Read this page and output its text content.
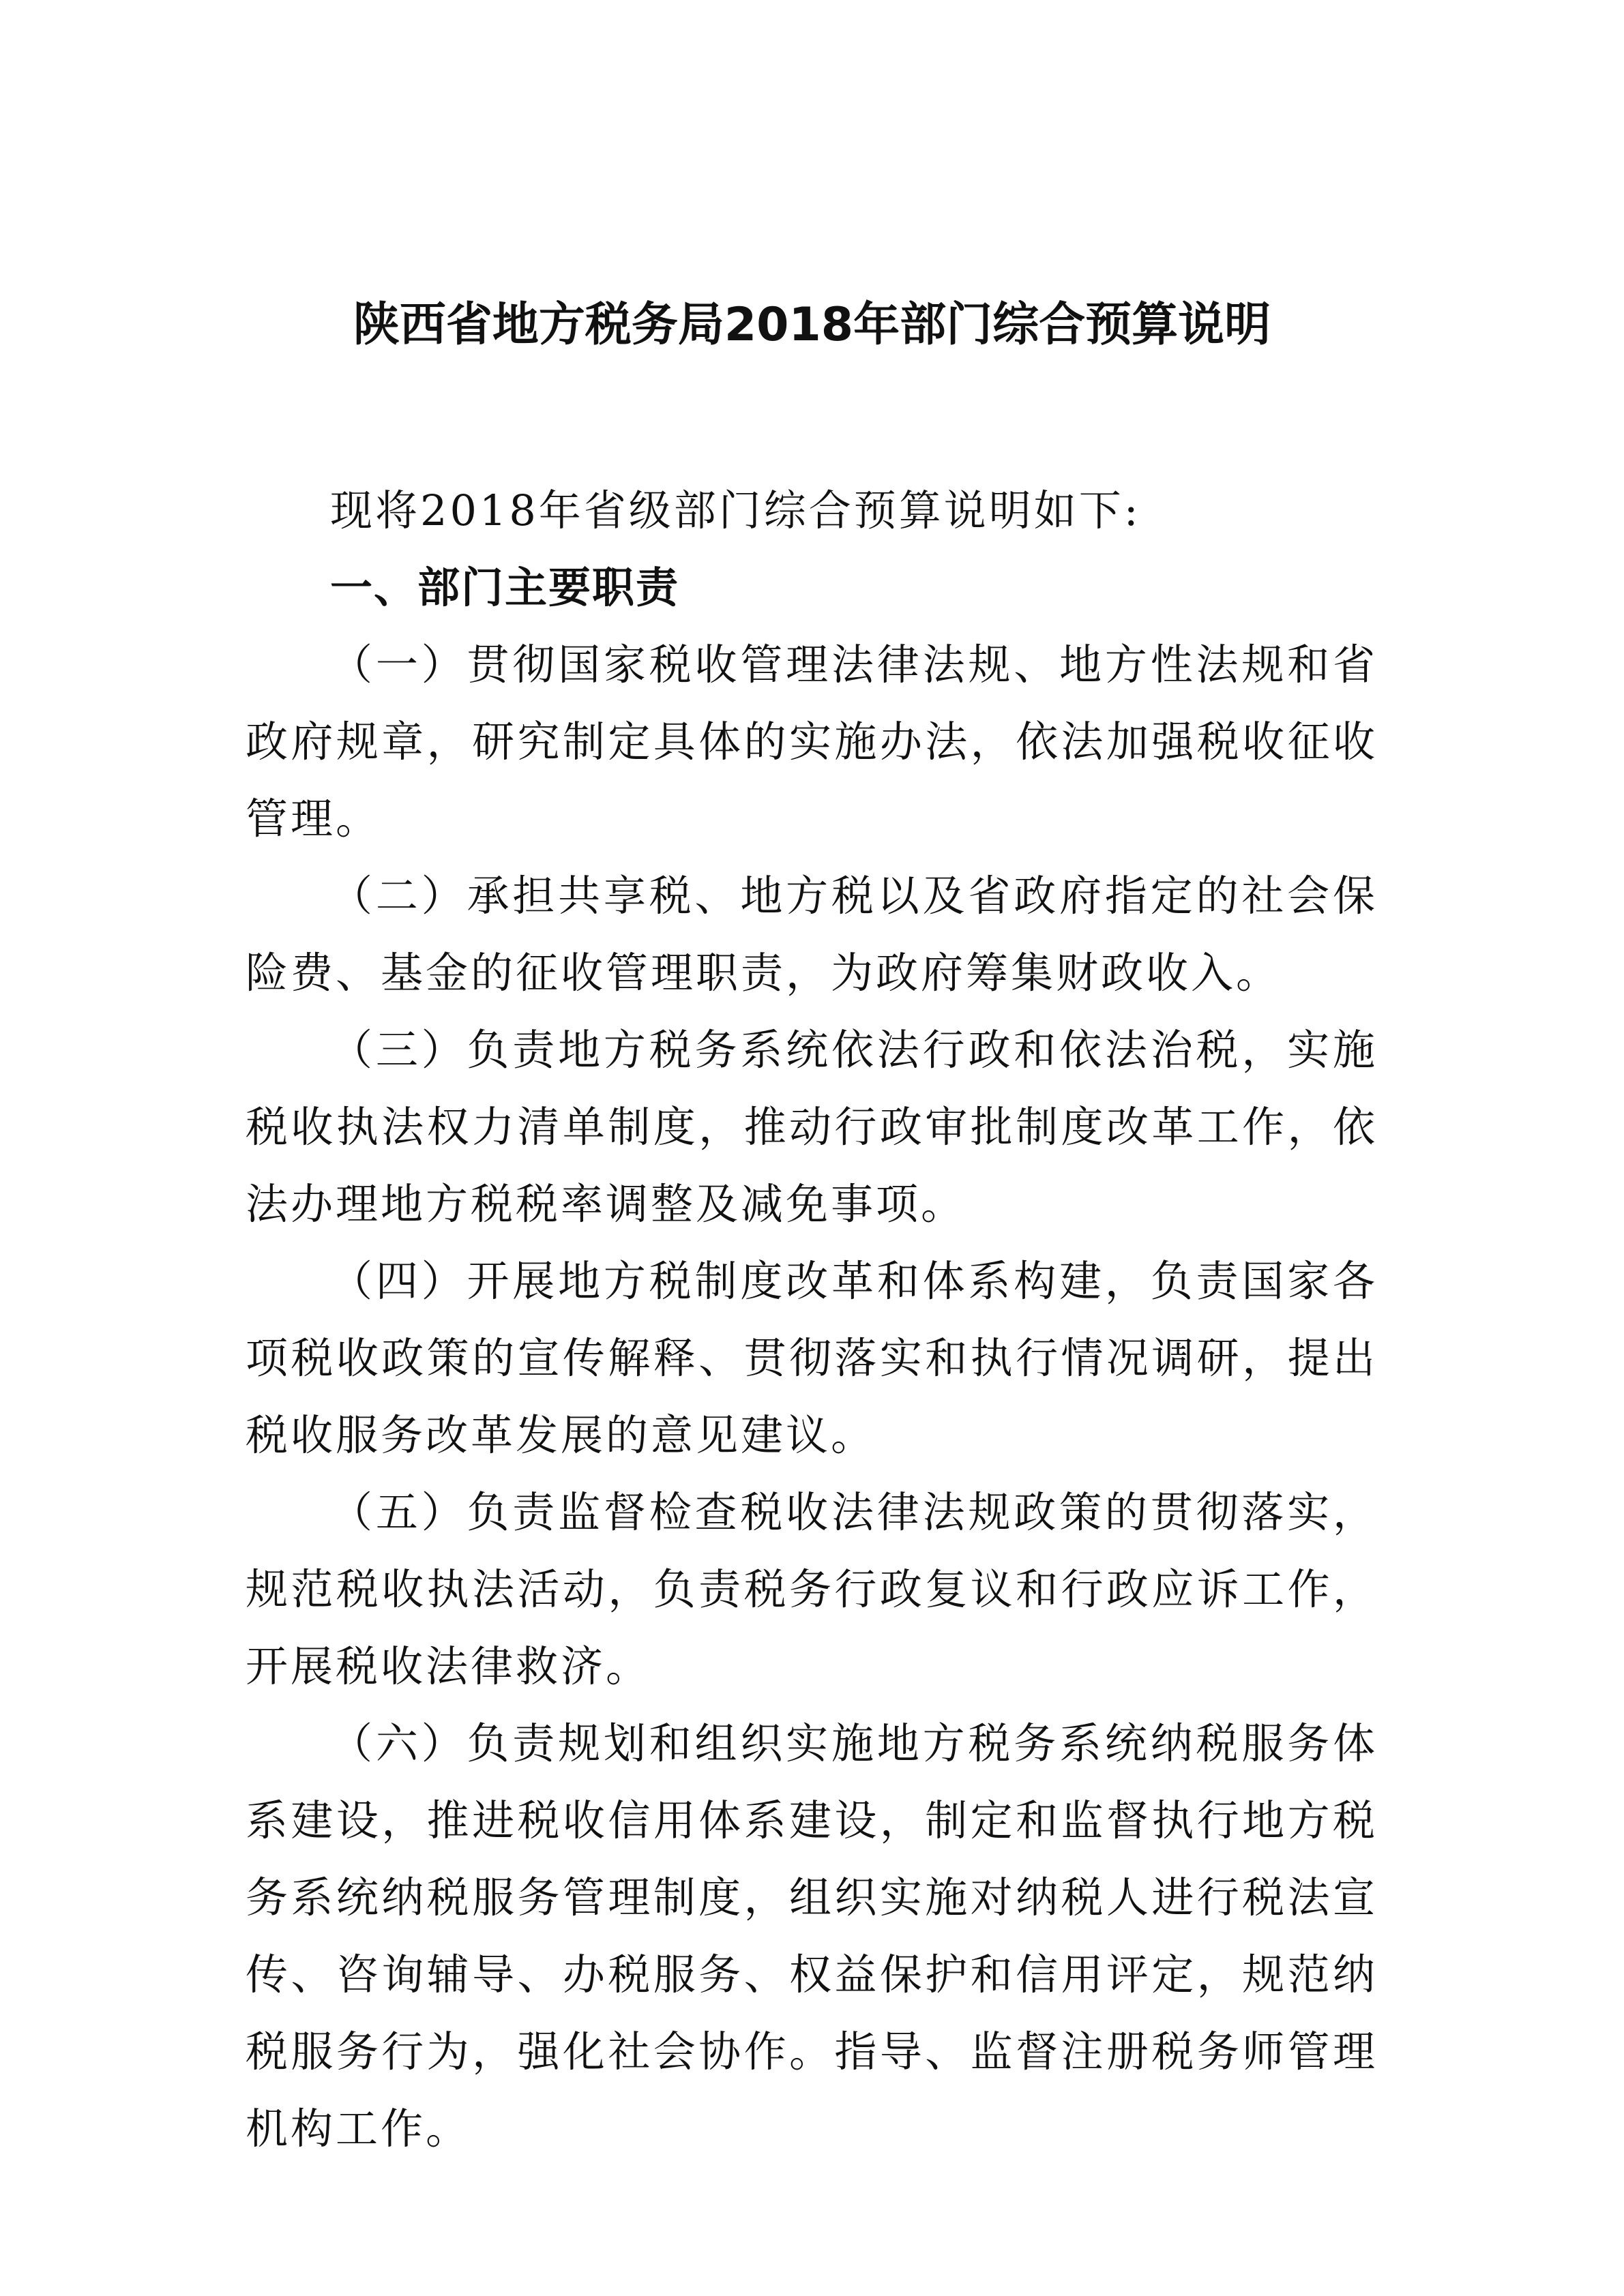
陕西省地方税务局2018年部门综合预算说明

现将2018年省级部门综合预算说明如下:

一、部门主要职责

（一）贯彻国家税收管理法律法规、地方性法规和省政府规章，研究制定具体的实施办法，依法加强税收征收管理。

（二）承担共享税、地方税以及省政府指定的社会保险费、基金的征收管理职责，为政府筹集财政收入。

（三）负责地方税务系统依法行政和依法治税，实施税收执法权力清单制度，推动行政审批制度改革工作，依法办理地方税税率调整及减免事项。

（四）开展地方税制度改革和体系构建，负责国家各项税收政策的宣传解释、贯彻落实和执行情况调研，提出税收服务改革发展的意见建议。

（五）负责监督检查税收法律法规政策的贯彻落实，规范税收执法活动，负责税务行政复议和行政应诉工作，开展税收法律救济。

（六）负责规划和组织实施地方税务系统纳税服务体系建设，推进税收信用体系建设，制定和监督执行地方税务系统纳税服务管理制度，组织实施对纳税人进行税法宣传、咨询辅导、办税服务、权益保护和信用评定，规范纳税服务行为，强化社会协作。指导、监督注册税务师管理机构工作。
